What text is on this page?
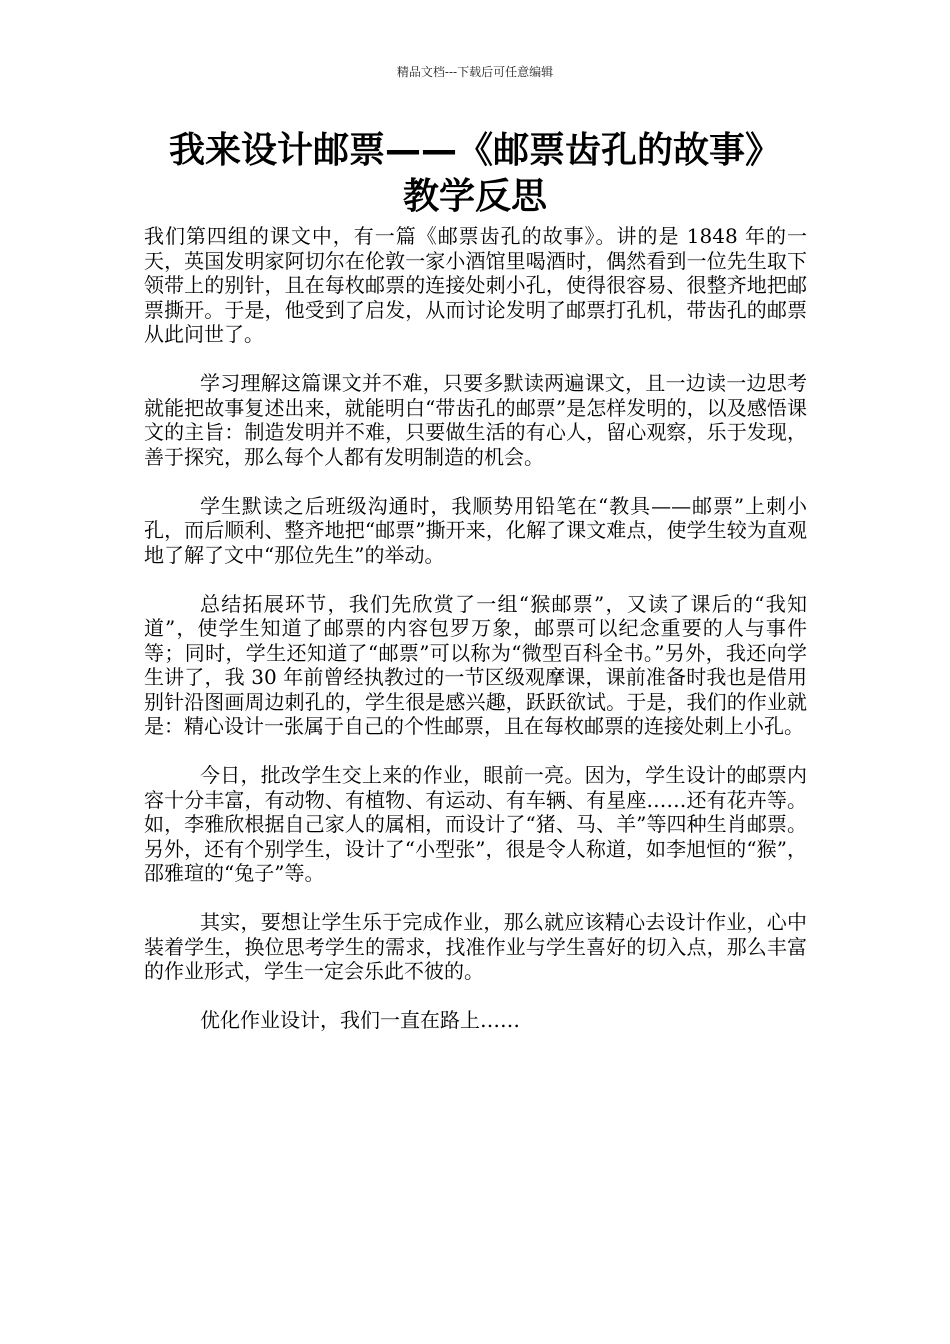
精品文档---下载后可任意编辑
我来设计邮票——《邮票齿孔的故事》
教学反思

我们第四组的课文中，有一篇《邮票齿孔的故事》。讲的是 1848 年的一天，英国发明家阿切尔在伦敦一家小酒馆里喝酒时，偶然看到一位先生取下领带上的别针，且在每枚邮票的连接处刺小孔，使得很容易、很整齐地把邮票撕开。于是，他受到了启发，从而讨论发明了邮票打孔机，带齿孔的邮票从此问世了。

学习理解这篇课文并不难，只要多默读两遍课文，且一边读一边思考就能把故事复述出来，就能明白“带齿孔的邮票”是怎样发明的，以及感悟课文的主旨：制造发明并不难，只要做生活的有心人，留心观察，乐于发现，善于探究，那么每个人都有发明制造的机会。

学生默读之后班级沟通时，我顺势用铅笔在“教具——邮票”上刺小孔，而后顺利、整齐地把“邮票”撕开来，化解了课文难点，使学生较为直观地了解了文中“那位先生”的举动。

总结拓展环节，我们先欣赏了一组“猴邮票”，又读了课后的“我知道”，使学生知道了邮票的内容包罗万象，邮票可以纪念重要的人与事件等；同时，学生还知道了“邮票”可以称为“微型百科全书。”另外，我还向学生讲了，我 30 年前曾经执教过的一节区级观摩课，课前准备时我也是借用别针沿图画周边刺孔的，学生很是感兴趣，跃跃欲试。于是，我们的作业就是：精心设计一张属于自己的个性邮票，且在每枚邮票的连接处刺上小孔。

今日，批改学生交上来的作业，眼前一亮。因为，学生设计的邮票内容十分丰富，有动物、有植物、有运动、有车辆、有星座……还有花卉等。如，李雅欣根据自己家人的属相，而设计了“猪、马、羊”等四种生肖邮票。另外，还有个别学生，设计了“小型张”，很是令人称道，如李旭恒的“猴”，邵雅瑄的“兔子”等。

其实，要想让学生乐于完成作业，那么就应该精心去设计作业，心中装着学生，换位思考学生的需求，找准作业与学生喜好的切入点，那么丰富的作业形式，学生一定会乐此不彼的。

优化作业设计，我们一直在路上……
